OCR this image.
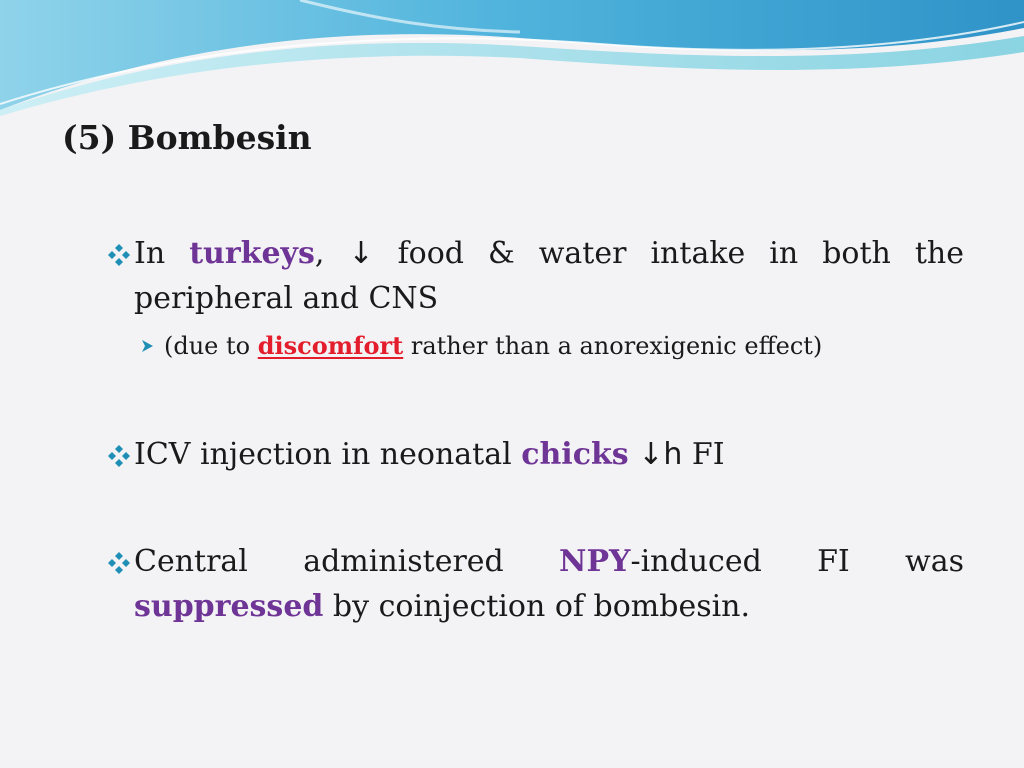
(5) Bombesin
In turkeys, ↓ food & water intake in both the
peripheral and CNS
(due to discomfort rather than a anorexigenic effect)
ICV injection in neonatal chicks ↓h FI
Central administered NPY-induced FI was
suppressed by coinjection of bombesin.
